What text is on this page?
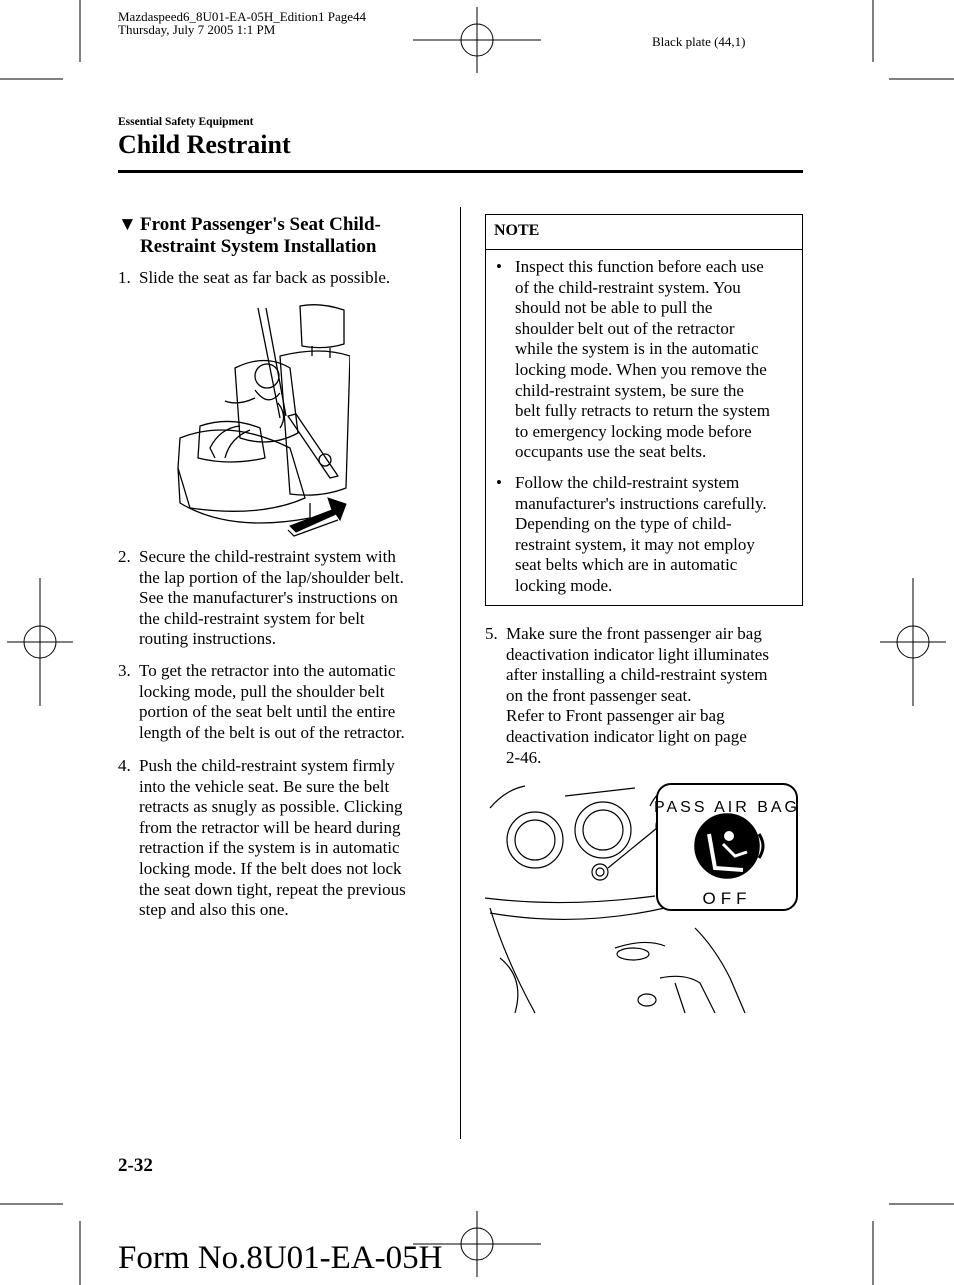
Mazdaspeed6_8U01-EA-05H_Edition1 Page44
Thursday, July 7 2005 1:1 PM
Black plate (44,1)
Essential Safety Equipment
Child Restraint
▼ Front Passenger's Seat Child-
Restraint System Installation
1. Slide the seat as far back as possible.
2. Secure the child-restraint system with
the lap portion of the lap/shoulder belt.
See the manufacturer's instructions on
the child-restraint system for belt
routing instructions.
3. To get the retractor into the automatic
locking mode, pull the shoulder belt
portion of the seat belt until the entire
length of the belt is out of the retractor.
4. Push the child-restraint system firmly
into the vehicle seat. Be sure the belt
retracts as snugly as possible. Clicking
from the retractor will be heard during
retraction if the system is in automatic
locking mode. If the belt does not lock
the seat down tight, repeat the previous
step and also this one.
NOTE
• Inspect this function before each use
of the child-restraint system. You
should not be able to pull the
shoulder belt out of the retractor
while the system is in the automatic
locking mode. When you remove the
child-restraint system, be sure the
belt fully retracts to return the system
to emergency locking mode before
occupants use the seat belts.
• Follow the child-restraint system
manufacturer's instructions carefully.
Depending on the type of child-
restraint system, it may not employ
seat belts which are in automatic
locking mode.
5. Make sure the front passenger air bag
deactivation indicator light illuminates
after installing a child-restraint system
on the front passenger seat.
Refer to Front passenger air bag
deactivation indicator light on page
2-46.
OFF
PASS AIR BAG
2-32
Form No.8U01-EA-05H
